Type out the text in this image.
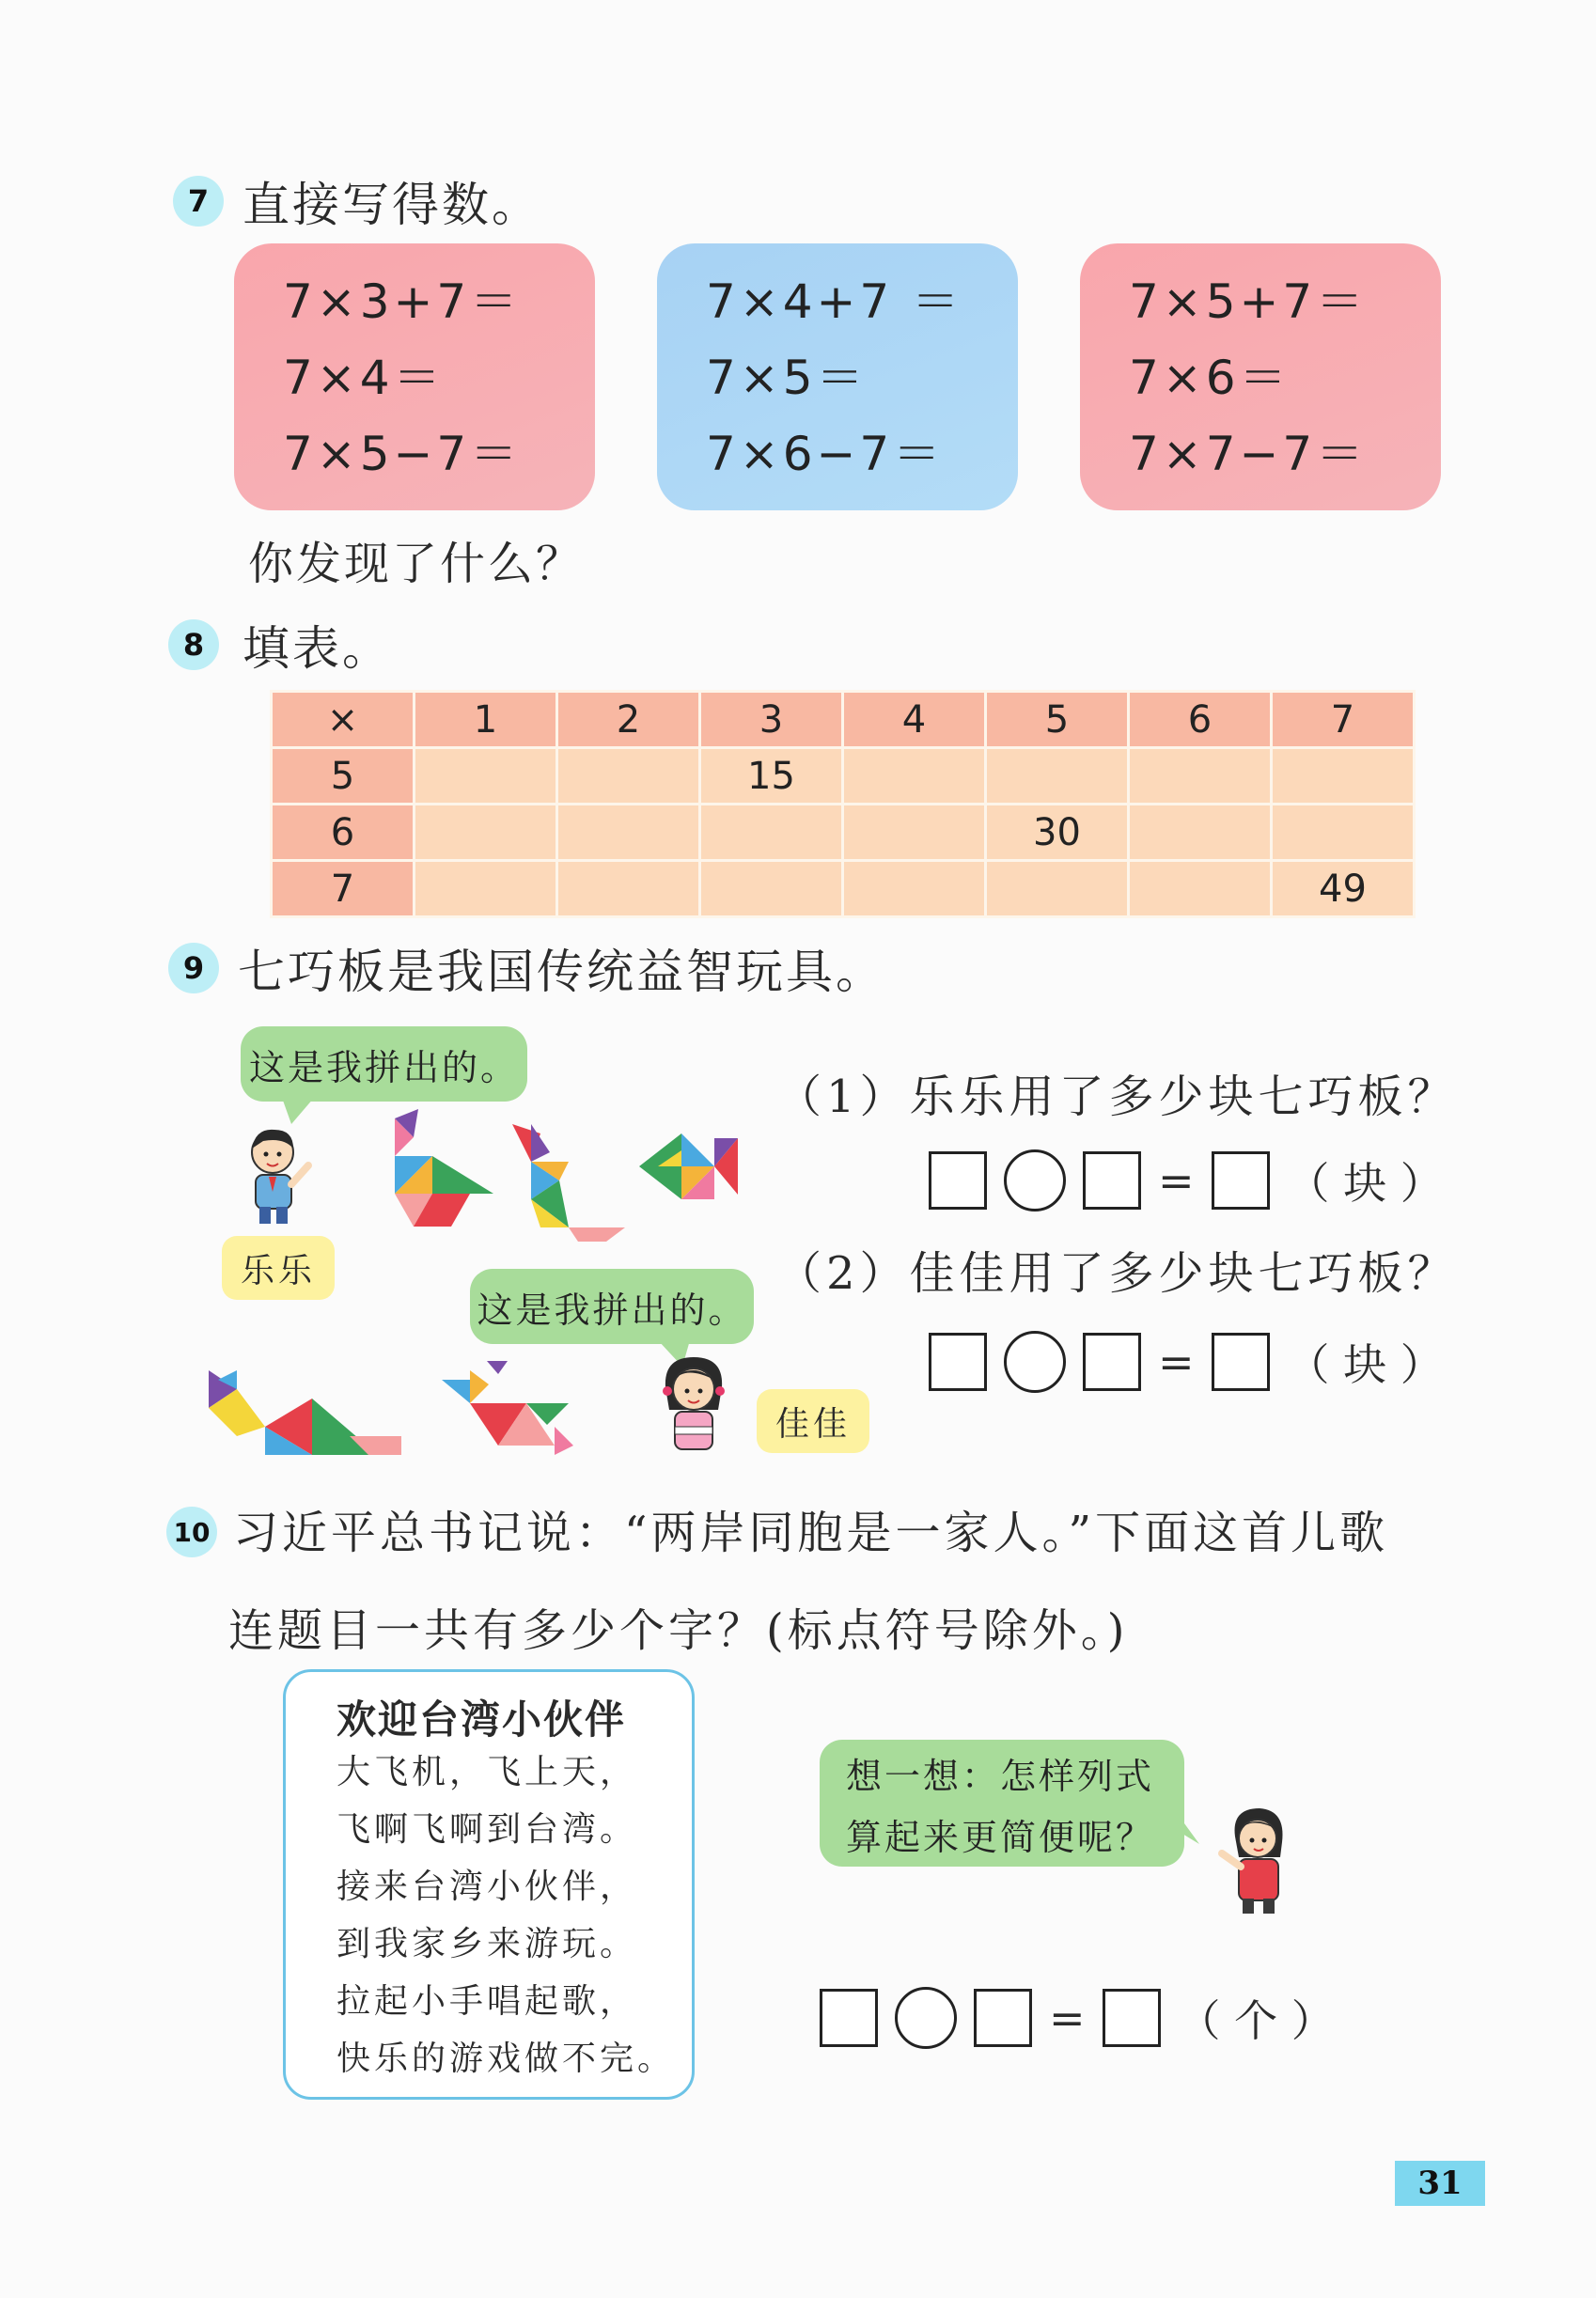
7 直接写得数。
7×3+7＝
7×4＝
7×5−7＝
7×4+7 ＝
7×5＝
7×6−7＝
7×5+7＝
7×6＝
7×7−7＝
你发现了什么？
8 填表。
×	1	2	3	4	5	6	7
5			15				
6					30		
7							49
9 七巧板是我国传统益智玩具。
这是我拼出的。
乐乐
这是我拼出的。
佳佳
（1）乐乐用了多少块七巧板？
= （ 块 ）
（2）佳佳用了多少块七巧板？
= （ 块 ）
10 习近平总书记说：“两岸同胞是一家人。”下面这首儿歌
连题目一共有多少个字？(标点符号除外。)
欢迎台湾小伙伴
大飞机，飞上天，
飞啊飞啊到台湾。
接来台湾小伙伴，
到我家乡来游玩。
拉起小手唱起歌，
快乐的游戏做不完。
想一想：怎样列式
算起来更简便呢？
= （ 个 ）
31
